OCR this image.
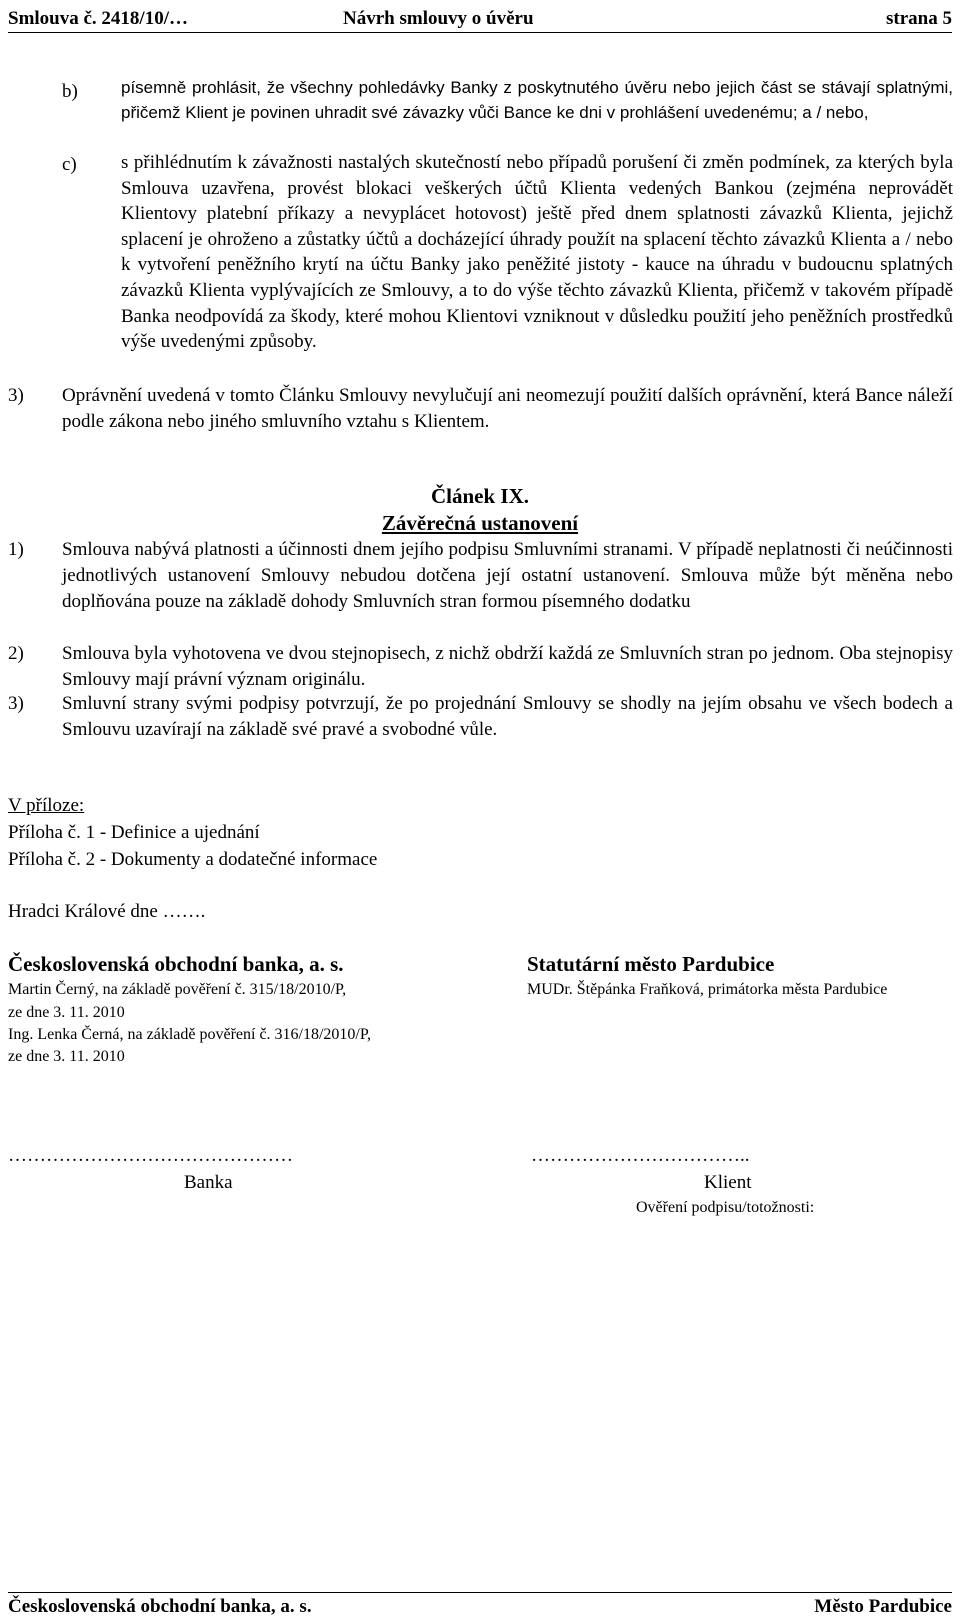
Smlouva č. 2418/10/…	Návrh smlouvy o úvěru	strana 5
b)	písemně prohlásit, že všechny pohledávky Banky z poskytnutého úvěru nebo jejich část se stávají splatnými, přičemž Klient je povinen uhradit své závazky vůči Bance ke dni v prohlášení uvedenému; a / nebo,
c) s přihlédnutím k závažnosti nastalých skutečností nebo případů porušení či změn podmínek, za kterých byla Smlouva uzavřena, provést blokaci veškerých účtů Klienta vedených Bankou (zejména neprovádět Klientovy platební příkazy a nevyplácet hotovost) ještě před dnem splatnosti závazků Klienta, jejichž splacení je ohroženo a zůstatky účtů a docházející úhrady použít na splacení těchto závazků Klienta a / nebo k vytvoření peněžního krytí na účtu Banky jako peněžité jistoty - kauce na úhradu v budoucnu splatných závazků Klienta vyplývajících ze Smlouvy, a to do výše těchto závazků Klienta, přičemž v takovém případě Banka neodpovídá za škody, které mohou Klientovi vzniknout v důsledku použití jeho peněžních prostředků výše uvedenými způsoby.
3) Oprávnění uvedená v tomto Článku Smlouvy nevylučují ani neomezují použití dalších oprávnění, která Bance náleží podle zákona nebo jiného smluvního vztahu s Klientem.
Článek IX.
Závěrečná ustanovení
1) Smlouva nabývá platnosti a účinnosti dnem jejího podpisu Smluvními stranami. V případě neplatnosti či neúčinnosti jednotlivých ustanovení Smlouvy nebudou dotčena její ostatní ustanovení. Smlouva může být měněna nebo doplňována pouze na základě dohody Smluvních stran formou písemného dodatku
2) Smlouva byla vyhotovena ve dvou stejnopisech, z nichž obdrží každá ze Smluvních stran po jednom. Oba stejnopisy Smlouvy mají právní význam originálu.
3) Smluvní strany svými podpisy potvrzují, že po projednání Smlouvy se shodly na jejím obsahu ve všech bodech a Smlouvu uzavírají na základě své pravé a svobodné vůle.
V příloze:
Příloha č. 1 - Definice a ujednání
Příloha č. 2 - Dokumenty a dodatečné informace
Hradci Králové dne …….
Československá obchodní banka, a. s.
Martin Černý, na základě pověření č. 315/18/2010/P,
ze dne 3. 11. 2010
Ing. Lenka Černá, na základě pověření č. 316/18/2010/P,
ze dne 3. 11. 2010
Statutární město Pardubice
MUDr. Štěpánka Fraňková, primátorka města Pardubice
………………………………………
Banka
……………………………..
Klient
Ověření podpisu/totožnosti:
Československá obchodní banka, a. s.	Město Pardubice
